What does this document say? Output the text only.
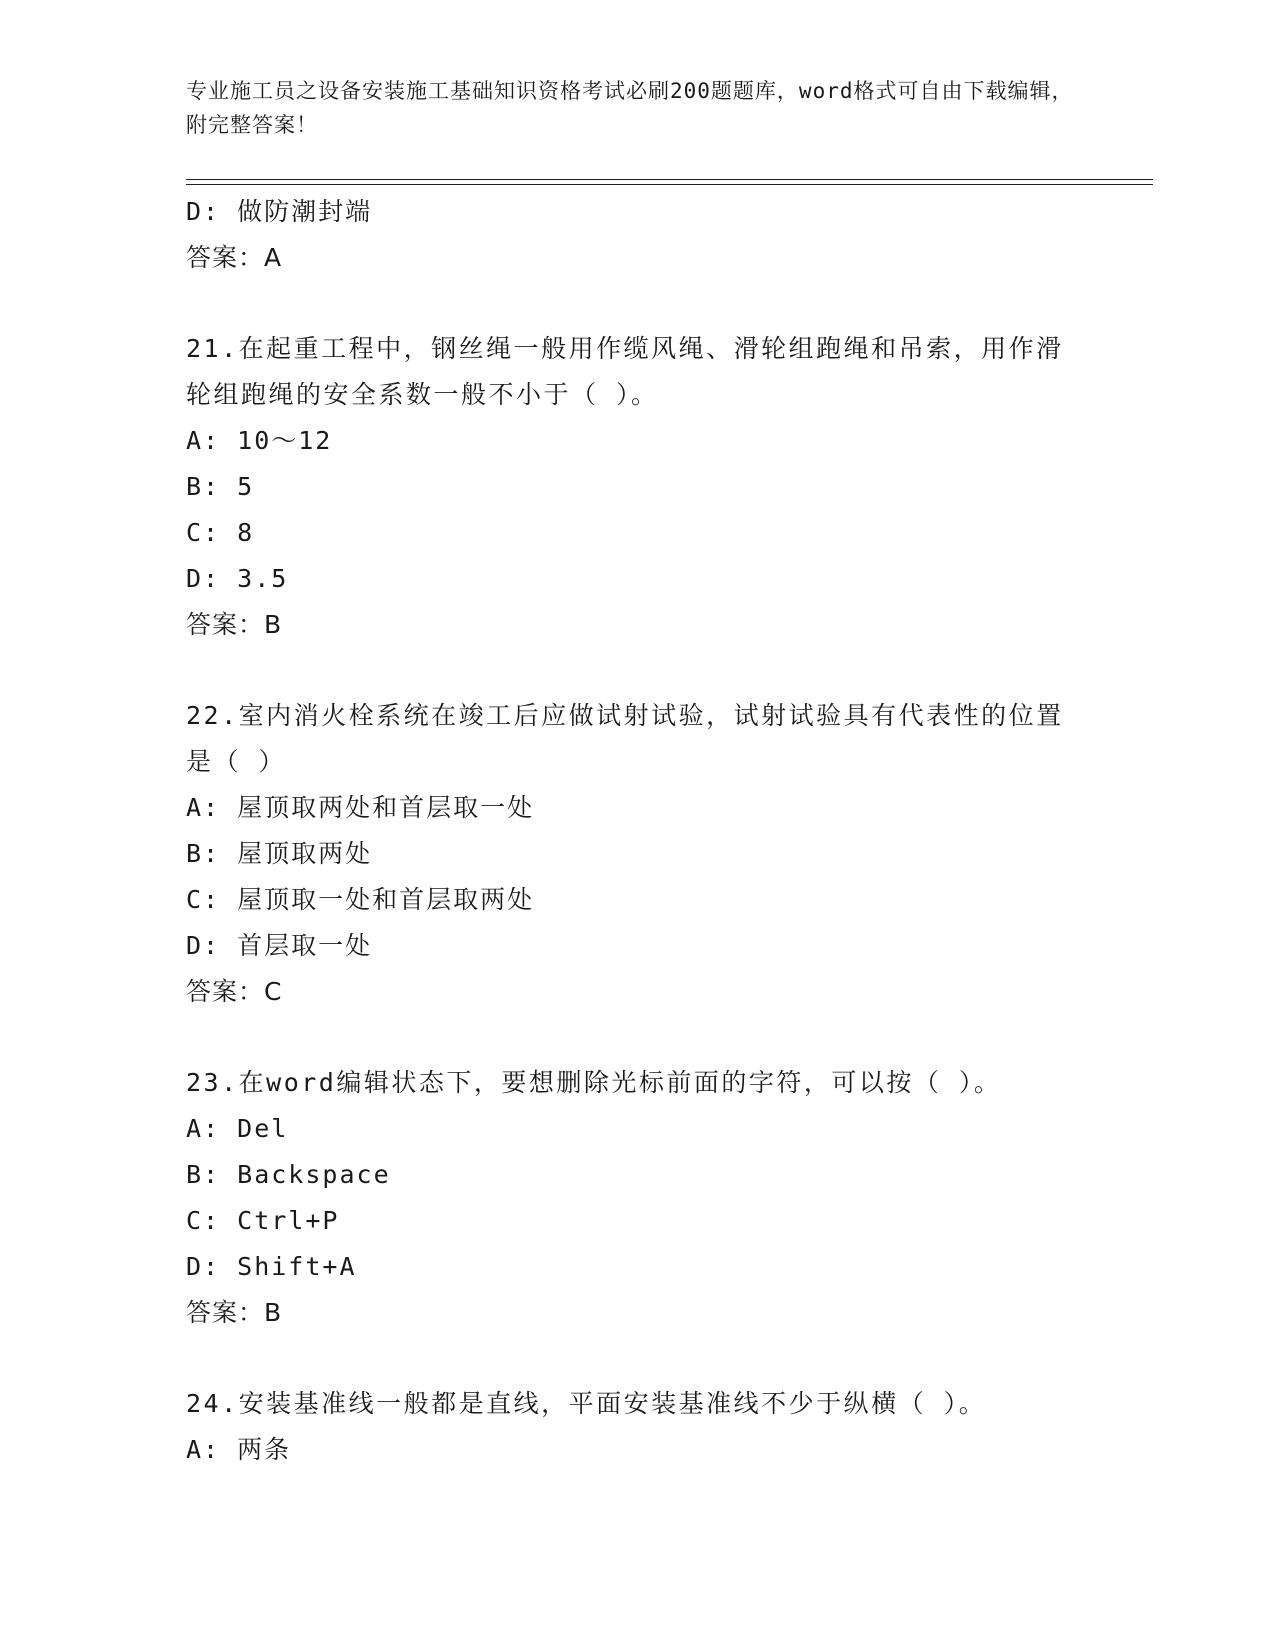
专业施工员之设备安装施工基础知识资格考试必刷200题题库，word格式可自由下载编辑，附完整答案！
D: 做防潮封端
答案：A
21.在起重工程中，钢丝绳一般用作缆风绳、滑轮组跑绳和吊索，用作滑轮组跑绳的安全系数一般不小于（ ）。
A: 10～12
B: 5
C: 8
D: 3.5
答案：B
22.室内消火栓系统在竣工后应做试射试验，试射试验具有代表性的位置是（ ）
A: 屋顶取两处和首层取一处
B: 屋顶取两处
C: 屋顶取一处和首层取两处
D: 首层取一处
答案：C
23.在word编辑状态下，要想删除光标前面的字符，可以按（ ）。
A: Del
B: Backspace
C: Ctrl+P
D: Shift+A
答案：B
24.安装基准线一般都是直线，平面安装基准线不少于纵横（ ）。
A: 两条
